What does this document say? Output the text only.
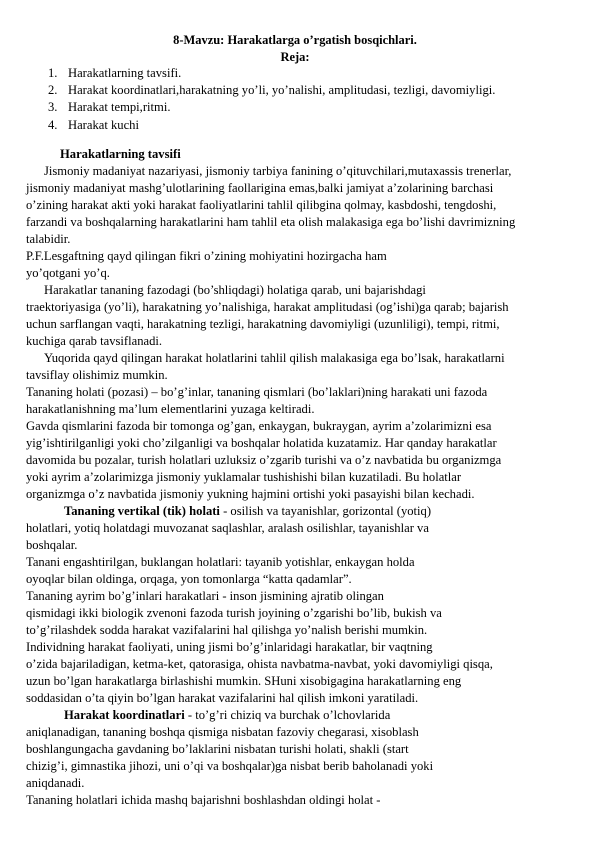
8-Mavzu: Harakatlarga o’rgatish bosqichlari.
Reja:
1. Harakatlarning tavsifi.
2. Harakat koordinatlari,harakatning yo’li, yo’nalishi, amplitudasi, tezligi, davomiyligi.
3. Harakat tempi,ritmi.
4. Harakat kuchi
Harakatlarning tavsifi
Jismoniy madaniyat nazariyasi, jismoniy tarbiya fanining o’qituvchilari,mutaxassis trenerlar,
jismoniy madaniyat mashg’ulotlarining faollarigina emas,balki jamiyat a’zolarining barchasi
o’zining harakat akti yoki harakat faoliyatlarini tahlil qilibgina qolmay, kasbdoshi, tengdoshi,
farzandi va boshqalarning harakatlarini ham tahlil eta olish malakasiga ega bo’lishi davrimizning
talabidir.
P.F.Lesgaftning qayd qilingan fikri o’zining mohiyatini hozirgacha ham
yo’qotgani yo’q.
Harakatlar tananing fazodagi (bo’shliqdagi) holatiga qarab, uni bajarishdagi
traektoriyasiga (yo’li), harakatning yo’nalishiga, harakat amplitudasi (og’ishi)ga qarab; bajarish
uchun sarflangan vaqti, harakatning tezligi, harakatning davomiyligi (uzunliligi), tempi, ritmi,
kuchiga qarab tavsiflanadi.
Yuqorida qayd qilingan harakat holatlarini tahlil qilish malakasiga ega bo’lsak, harakatlarni
tavsiflay olishimiz mumkin.
Tananing holati (pozasi) – bo’g’inlar, tananing qismlari (bo’laklari)ning harakati uni fazoda
harakatlanishning ma’lum elementlarini yuzaga keltiradi.
Gavda qismlarini fazoda bir tomonga og’gan, enkaygan, bukraygan, ayrim a’zolarimizni esa
yig’ishtirilganligi yoki cho’zilganligi va boshqalar holatida kuzatamiz. Har qanday harakatlar
davomida bu pozalar, turish holatlari uzluksiz o’zgarib turishi va o’z navbatida bu organizmga
yoki ayrim a’zolarimizga jismoniy yuklamalar tushishishi bilan kuzatiladi. Bu holatlar
organizmga o’z navbatida jismoniy yukning hajmini ortishi yoki pasayishi bilan kechadi.
Tananing vertikal (tik) holati - osilish va tayanishlar, gorizontal (yotiq)
holatlari, yotiq holatdagi muvozanat saqlashlar, aralash osilishlar, tayanishlar va
boshqalar.
Tanani engashtirilgan, buklangan holatlari: tayanib yotishlar, enkaygan holda
oyoqlar bilan oldinga, orqaga, yon tomonlarga “katta qadamlar”.
Tananing ayrim bo’g’inlari harakatlari - inson jismining ajratib olingan
qismidagi ikki biologik zvenoni fazoda turish joyining o’zgarishi bo’lib, bukish va
to’g’rilashdek sodda harakat vazifalarini hal qilishga yo’nalish berishi mumkin.
Individning harakat faoliyati, uning jismi bo’g’inlaridagi harakatlar, bir vaqtning
o’zida bajariladigan, ketma-ket, qatorasiga, ohista navbatma-navbat, yoki davomiyligi qisqa,
uzun bo’lgan harakatlarga birlashishi mumkin. SHuni xisobigagina harakatlarning eng
soddasidan o’ta qiyin bo’lgan harakat vazifalarini hal qilish imkoni yaratiladi.
Harakat koordinatlari - to’g’ri chiziq va burchak o’lchovlarida
aniqlanadigan, tananing boshqa qismiga nisbatan fazoviy chegarasi, xisoblash
boshlangungacha gavdaning bo’laklarini nisbatan turishi holati, shakli (start
chizig’i, gimnastika jihozi, uni o’qi va boshqalar)ga nisbat berib baholanadi yoki
aniqdanadi.
Tananing holatlari ichida mashq bajarishni boshlashdan oldingi holat -
